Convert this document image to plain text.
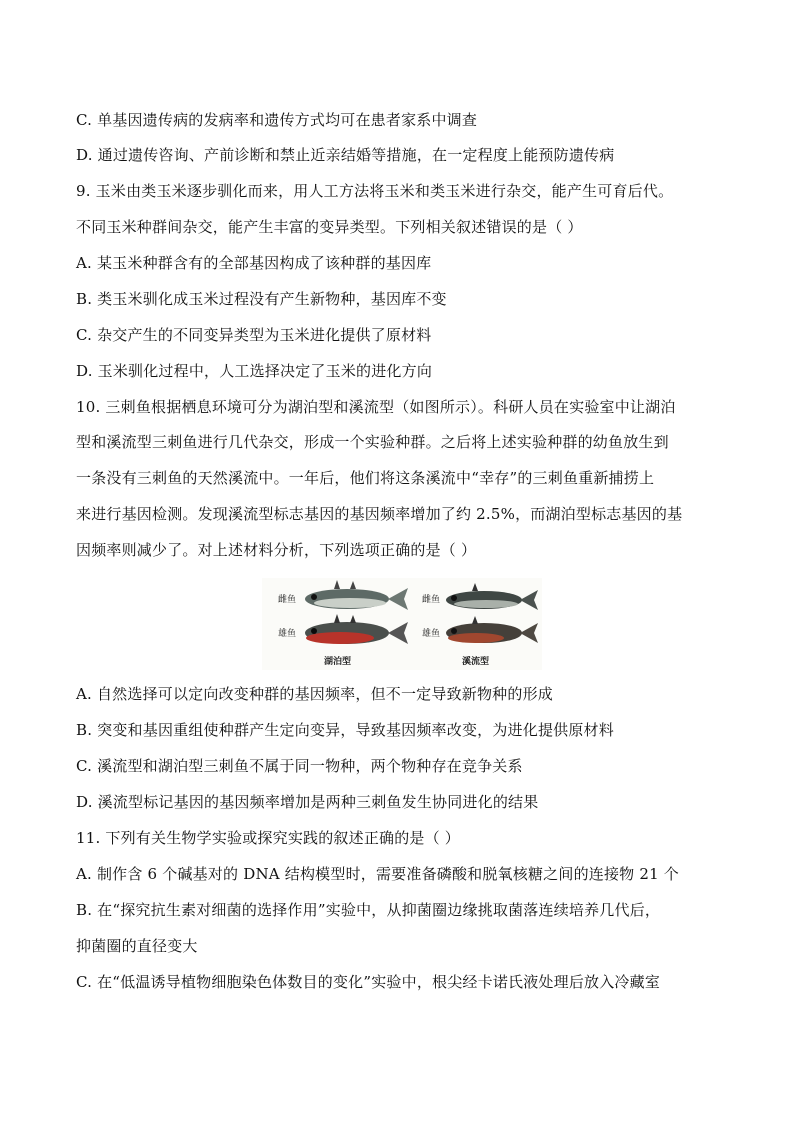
C. 单基因遗传病的发病率和遗传方式均可在患者家系中调查
D. 通过遗传咨询、产前诊断和禁止近亲结婚等措施，在一定程度上能预防遗传病
9. 玉米由类玉米逐步驯化而来，用人工方法将玉米和类玉米进行杂交，能产生可育后代。
不同玉米种群间杂交，能产生丰富的变异类型。下列相关叙述错误的是（ ）
A. 某玉米种群含有的全部基因构成了该种群的基因库
B. 类玉米驯化成玉米过程没有产生新物种，基因库不变
C. 杂交产生的不同变异类型为玉米进化提供了原材料
D. 玉米驯化过程中，人工选择决定了玉米的进化方向
10. 三刺鱼根据栖息环境可分为湖泊型和溪流型（如图所示）。科研人员在实验室中让湖泊
型和溪流型三刺鱼进行几代杂交，形成一个实验种群。之后将上述实验种群的幼鱼放生到
一条没有三刺鱼的天然溪流中。一年后，他们将这条溪流中“幸存”的三刺鱼重新捕捞上
来进行基因检测。发现溪流型标志基因的基因频率增加了约 2.5%，而湖泊型标志基因的基
因频率则减少了。对上述材料分析，下列选项正确的是（ ）
雌鱼
雄鱼
雌鱼
雄鱼
湖泊型	溪流型
A. 自然选择可以定向改变种群的基因频率，但不一定导致新物种的形成
B. 突变和基因重组使种群产生定向变异，导致基因频率改变，为进化提供原材料
C. 溪流型和湖泊型三刺鱼不属于同一物种，两个物种存在竞争关系
D. 溪流型标记基因的基因频率增加是两种三刺鱼发生协同进化的结果
11. 下列有关生物学实验或探究实践的叙述正确的是（ ）
A. 制作含 6 个碱基对的 DNA 结构模型时，需要准备磷酸和脱氧核糖之间的连接物 21 个
B. 在“探究抗生素对细菌的选择作用”实验中，从抑菌圈边缘挑取菌落连续培养几代后，
抑菌圈的直径变大
C. 在“低温诱导植物细胞染色体数目的变化”实验中，根尖经卡诺氏液处理后放入冷藏室
